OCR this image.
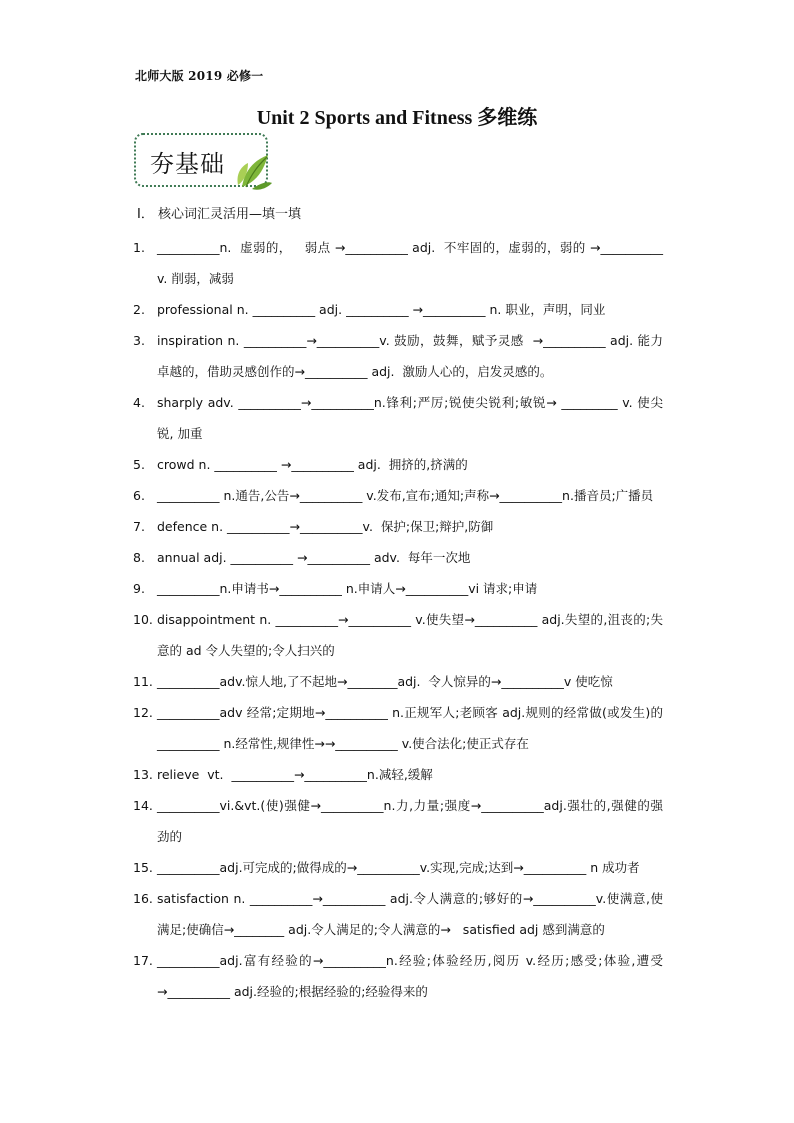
北师大版 2019 必修一
Unit 2 Sports and Fitness 多维练
夯基础
I． 核心词汇灵活用—填一填
1. __________n.  虚弱的，   弱点 →__________ adj.  不牢固的，虚弱的，弱的 →__________ v. 削弱，减弱
2. professional n. __________ adj. __________ →__________ n. 职业，声明，同业
3. inspiration n. __________→__________v. 鼓励，鼓舞，赋予灵感  →__________ adj. 能力卓越的，借助灵感创作的→__________ adj.  激励人心的，启发灵感的。
4. sharply adv. __________→__________n.锋利;严厉;锐使尖锐利;敏锐→ _________ v. 使尖锐, 加重
5. crowd n. __________ →__________ adj.  拥挤的,挤满的
6. __________ n.通告,公告→__________ v.发布,宣布;通知;声称→__________n.播音员;广播员
7. defence n. __________→__________v.  保护;保卫;辩护,防御
8. annual adj. __________ →__________ adv.  每年一次地
9. __________n.申请书→__________ n.申请人→__________vi 请求;申请
10. disappointment n. __________→__________ v.使失望→__________ adj.失望的,沮丧的;失意的 ad 令人失望的;令人扫兴的
11. __________adv.惊人地,了不起地→________adj.  令人惊异的→__________v 使吃惊
12. __________adv 经常;定期地→__________ n.正规军人;老顾客 adj.规则的经常做(或发生)的__________ n.经常性,规律性→→__________ v.使合法化;使正式存在
13. relieve  vt.  __________→__________n.减轻,缓解
14. __________vi.&vt.(使)强健→__________n.力,力量;强度→__________adj.强壮的,强健的强劲的
15. __________adj.可完成的;做得成的→__________v.实现,完成;达到→__________ n 成功者
16. satisfaction n. __________→__________ adj.令人满意的;够好的→__________v.使满意,使满足;使确信→________ adj.令人满足的;令人满意的→   satisfied adj 感到满意的
17. __________adj.富有经验的→__________n.经验;体验经历,阅历 v.经历;感受;体验,遭受→__________ adj.经验的;根据经验的;经验得来的
